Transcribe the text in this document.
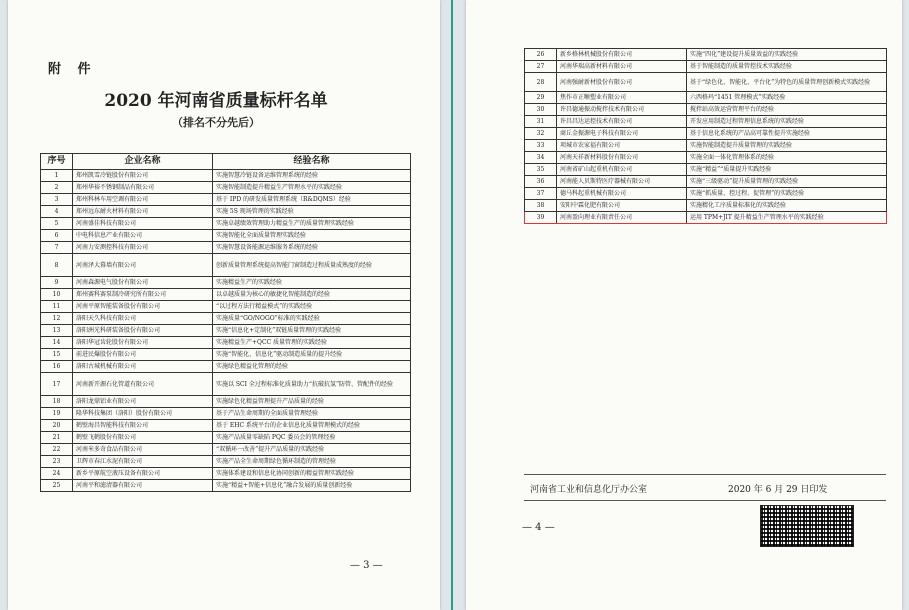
附 件
2020 年河南省质量标杆名单
（排名不分先后）
序号	企业名称	经验名称
1	郑州凯雪冷链股份有限公司	实施智慧冷链设备运维管理系统的经验
2	郑州华裕不锈钢制品有限公司	实施智能制造提升精益生产管理水平的实践经验
3	郑州科林车用空调有限公司	基于 IPD 的研发质量管理系统（R&DQMS）经验
4	郑州远东耐火材料有限公司	实施 5S 现场管理的实践经验
5	河南盛佳科技有限公司	实施卓越绩效管理助力精益生产的质量管理实践经验
6	中电科信息产业有限公司	实施智能化全面质量管理实践经验
7	河南力安测控科技有限公司	实施智慧设备能源运维服务系统的经验
8	河南泽大幕墙有限公司	创新质量管理系统提高智能门窗制造过程质量成熟度的经验
9	河南森源电气股份有限公司	实施精益生产的实践经验
10	郑州赛科赛泵制冷研究所有限公司	以卓越质量为核心的敏捷化智能制造的经验
11	河南平原智能装备股份有限公司	“以过程方法行精益模式”的实践经验
12	洛阳天久科技有限公司	实施质量“GO/NOGO”标准的实践经验
13	洛阳洲光科研装备股份有限公司	实施“信息化+定制化”双链质量管理的实践经验
14	洛阳华冠齿轮股份有限公司	实施精益生产+QCC 质量管理的实践经验
15	前进民爆股份有限公司	实施“智能化、信息化”驱动制造质量的提升经验
16	洛阳古城机械有限公司	实施绿色精益化管理的经验
17	河南新开源石化管道有限公司	实施以 SCI 全过程标准化质量助力“抗破抗氢”防管、管配件的经验
18	洛阳龙鼎铝业有限公司	实施绿色化精益管理提升产品质量的经验
19	隆华科技集团（洛阳）股份有限公司	基于产品生命周期的全面质量管理经验
20	鹤壁海昌智能科技有限公司	基于 EHC 系统平台的企业信息化质量管理模式的经验
21	鹤壁飞鹤股份有限公司	实施产品质量零缺陷 PQC 委员会的管理经验
22	河南米多奇食品有限公司	“双循环一改善”提升产品质量的实践经验
23	卫辉市春江水泥有限公司	实施产品全生命周期绿色循环制造的管理经验
24	新乡平原航空液压设备有限公司	实施体系建设和信息化协同创新的精益管理实践经验
25	河南平和滤清器有限公司	实施“精益+智能+信息化”融合发展的质量创新经验
— 3 —
26	新乡格林机械股份有限公司	实施“四化”建设提升质量效益的实践经验
27	河南华瑞高新材料有限公司	基于智能制造的质量管控技术实践经验
28	河南强耐新材股份有限公司	基于“绿色化、智能化、平台化”为特色的质量管理创新模式实践经验
29	焦作市正晰塑业有限公司	六西格玛“1451 管理模式”实践经验
30	许昌德通振动搅拌技术有限公司	搅拌站高效运营管理平台的经验
31	许昌昌达运控技术有限公司	开发应用制造过程管理信息系统的实践经验
32	商丘金振源电子科技有限公司	基于信息化系统的产品高可靠性提升实施经验
33	项城市农家福有限公司	实施智能制造提升质量管理的实践经验
34	河南天祥新材料股份有限公司	实施全面一体化管理体系的经验
35	河南省矿山起重机有限公司	实施“精益”“质量提升实践经验
36	河南能人贝斯特医疗器械有限公司	实施“三级驱动”提升质量管理的实践经验
37	德马科起重机械有限公司	实施“抓质量、控过程、促管理”的实践经验
38	安阳中霖化肥有限公司	实施精化工序质量标准化的实践经验
39	河南盈向理业有限责任公司	运用 TPM+JIT 提升精益生产管理水平的实践经验
河南省工业和信息化厅办公室	2020 年 6 月 29 日印发
— 4 —
